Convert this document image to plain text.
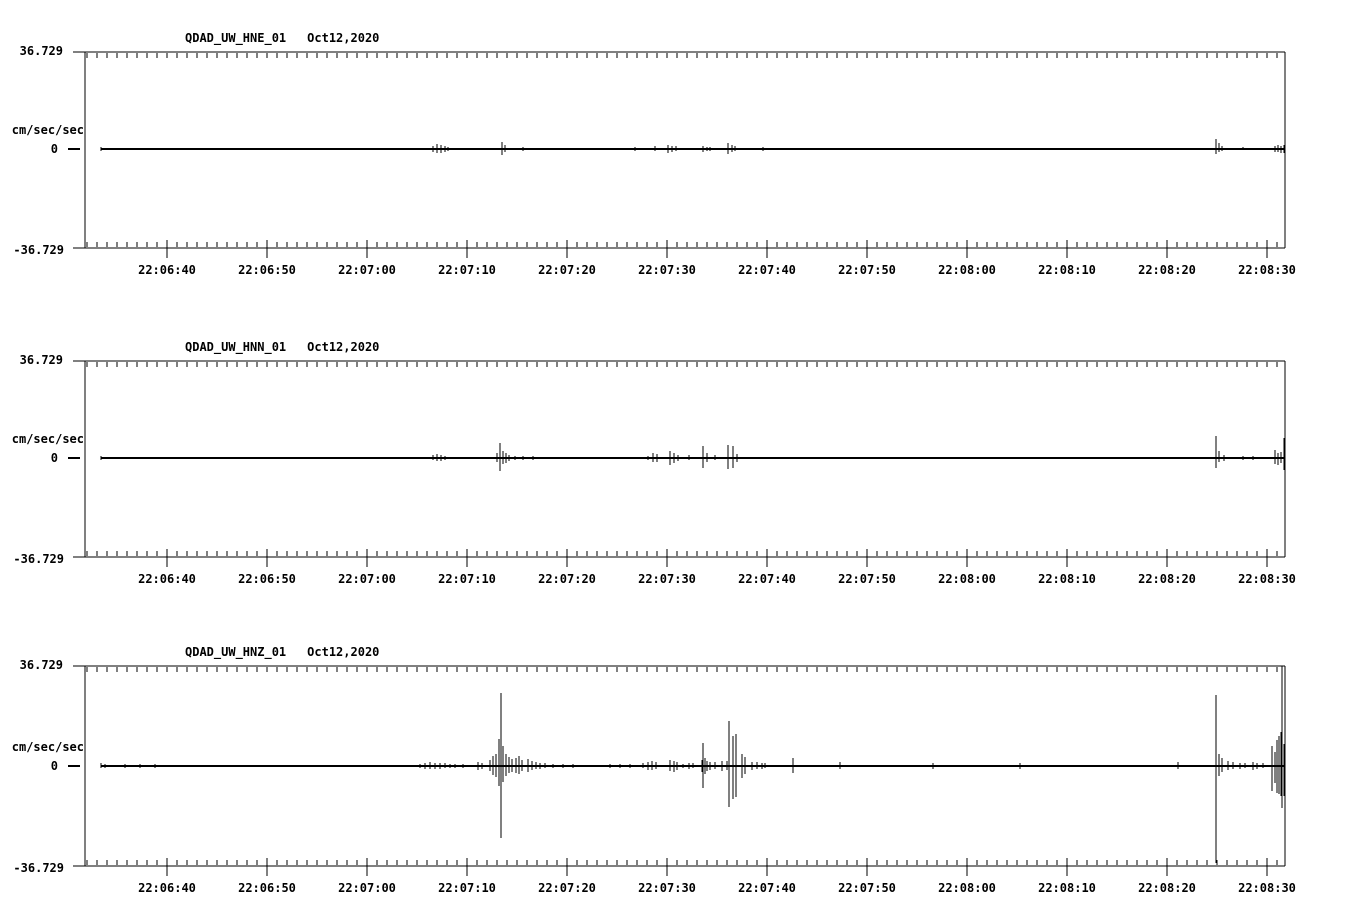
QDAD_UW_HNE_01 Oct12,2020
36.729
cm/sec/sec
0
-36.729
QDAD_UW_HNN_01 Oct12,2020
36.729
cm/sec/sec
0
-36.729
QDAD_UW_HNZ_01 Oct12,2020
36.729
cm/sec/sec
0
-36.729
22:06:40	22:06:50	22:07:00	22:07:10	22:07:20	22:07:30	22:07:40	22:07:50	22:08:00	22:08:10	22:08:20	22:08:30
22:06:40	22:06:50	22:07:00	22:07:10	22:07:20	22:07:30	22:07:40	22:07:50	22:08:00	22:08:10	22:08:20	22:08:30
22:06:40	22:06:50	22:07:00	22:07:10	22:07:20	22:07:30	22:07:40	22:07:50	22:08:00	22:08:10	22:08:20	22:08:30
